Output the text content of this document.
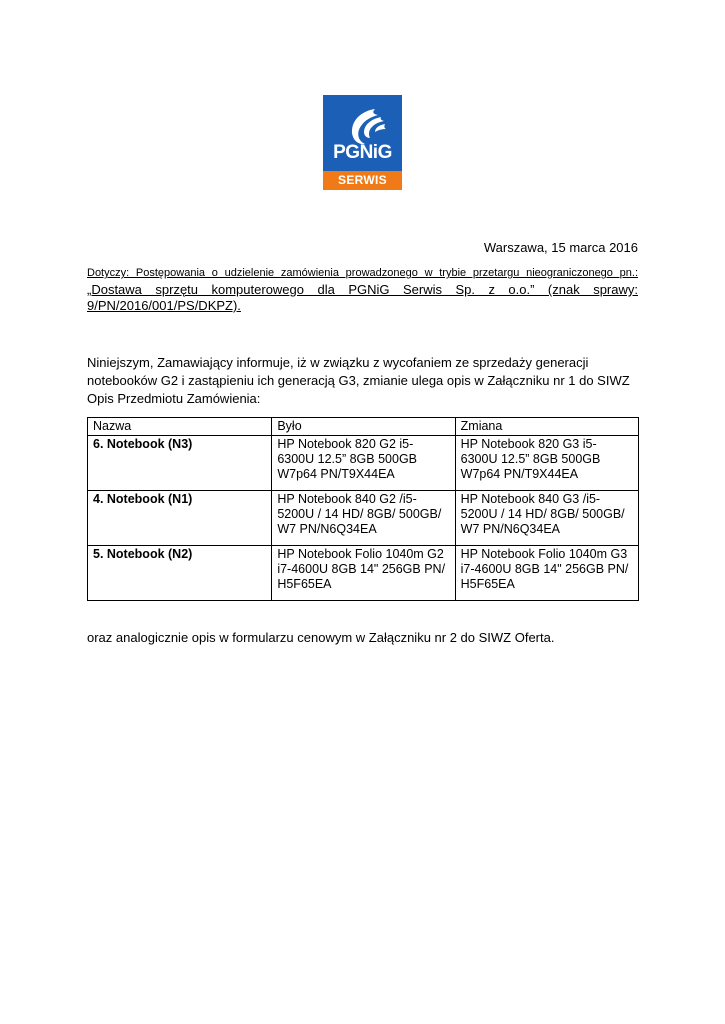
PGNiG
SERWIS
Warszawa, 15 marca 2016
Dotyczy: Postępowania o udzielenie zamówienia prowadzonego w trybie przetargu nieograniczonego pn.:
„Dostawa sprzętu komputerowego dla PGNiG Serwis Sp. z o.o.” (znak sprawy:
9/PN/2016/001/PS/DKPZ).
Niniejszym, Zamawiający informuje, iż w związku z wycofaniem ze sprzedaży generacji notebooków G2 i zastąpieniu ich generacją G3, zmianie ulega opis w Załączniku nr 1 do SIWZ Opis Przedmiotu Zamówienia:
Nazwa	Było	Zmiana
6. Notebook (N3)	HP Notebook 820 G2 i5-6300U 12.5” 8GB 500GB W7p64 PN/T9X44EA	HP Notebook 820 G3 i5-6300U 12.5” 8GB 500GB W7p64 PN/T9X44EA
4. Notebook (N1)	HP Notebook 840 G2 /i5-5200U / 14 HD/ 8GB/ 500GB/ W7 PN/N6Q34EA	HP Notebook 840 G3 /i5-5200U / 14 HD/ 8GB/ 500GB/ W7 PN/N6Q34EA
5. Notebook (N2)	HP Notebook Folio 1040m G2 i7-4600U 8GB 14" 256GB PN/ H5F65EA	HP Notebook Folio 1040m G3 i7-4600U 8GB 14" 256GB PN/ H5F65EA
oraz analogicznie opis w formularzu cenowym w Załączniku nr 2 do SIWZ Oferta.
